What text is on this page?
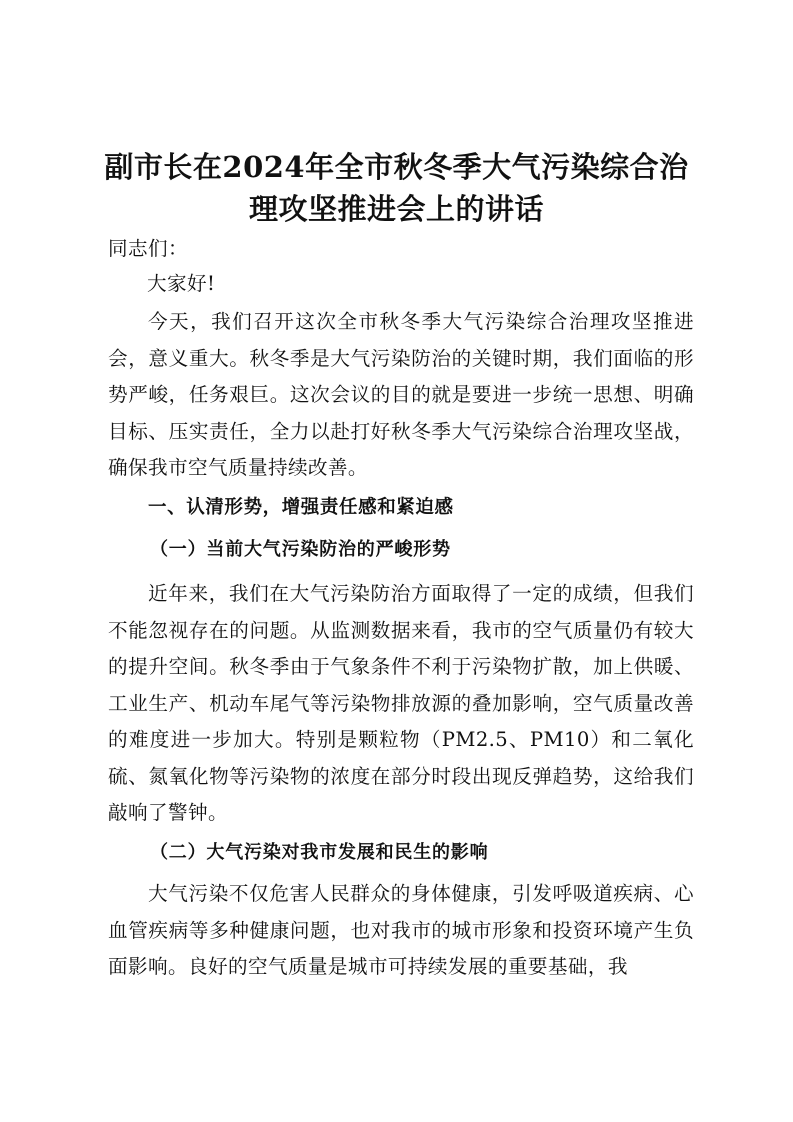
副市长在2024年全市秋冬季大气污染综合治
理攻坚推进会上的讲话

同志们：

大家好!

今天，我们召开这次全市秋冬季大气污染综合治理攻坚推进会，意义重大。秋冬季是大气污染防治的关键时期，我们面临的形势严峻，任务艰巨。这次会议的目的就是要进一步统一思想、明确目标、压实责任，全力以赴打好秋冬季大气污染综合治理攻坚战，确保我市空气质量持续改善。

一、认清形势，增强责任感和紧迫感
（一）当前大气污染防治的严峻形势

近年来，我们在大气污染防治方面取得了一定的成绩，但我们不能忽视存在的问题。从监测数据来看，我市的空气质量仍有较大的提升空间。秋冬季由于气象条件不利于污染物扩散，加上供暖、工业生产、机动车尾气等污染物排放源的叠加影响，空气质量改善的难度进一步加大。特别是颗粒物（PM2.5、PM10）和二氧化硫、氮氧化物等污染物的浓度在部分时段出现反弹趋势，这给我们敲响了警钟。

（二）大气污染对我市发展和民生的影响

大气污染不仅危害人民群众的身体健康，引发呼吸道疾病、心血管疾病等多种健康问题，也对我市的城市形象和投资环境产生负面影响。良好的空气质量是城市可持续发展的重要基础，我
